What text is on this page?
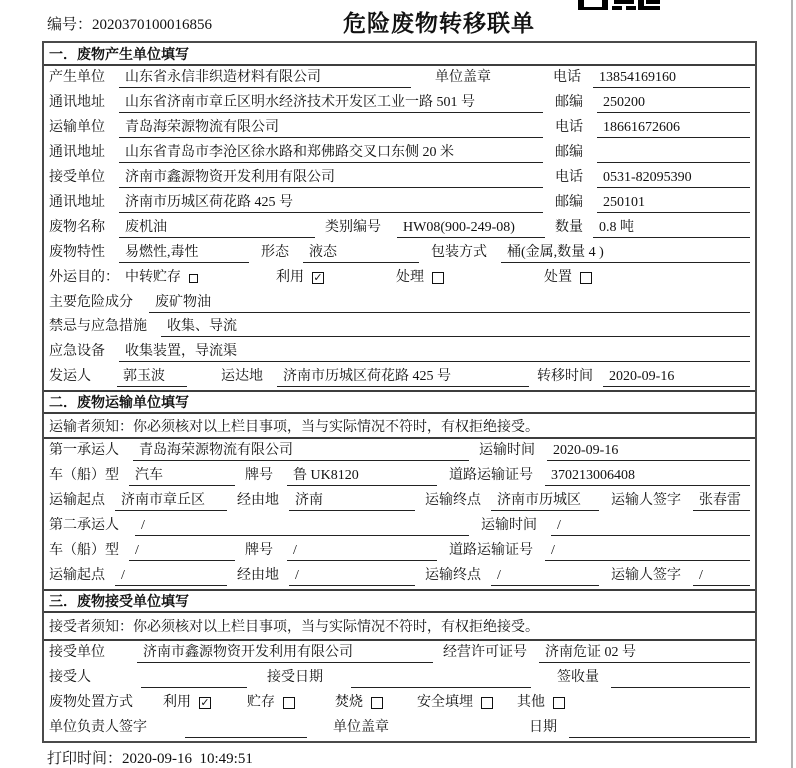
编号：2020370100016856	危险废物转移联单
一．废物产生单位填写
产生单位	山东省永信非织造材料有限公司	单位盖章	电话	13854169160
通讯地址	山东省济南市章丘区明水经济技术开发区工业一路 501 号	邮编	250200
运输单位	青岛海荣源物流有限公司	电话	18661672606
通讯地址	山东省青岛市李沧区徐水路和郑佛路交叉口东侧 20 米	邮编
接受单位	济南市鑫源物资开发利用有限公司	电话	0531-82095390
通讯地址	济南市历城区荷花路 425 号	邮编	250101
废物名称	废机油	类别编号	HW08(900-249-08)	数量	0.8 吨
废物特性	易燃性,毒性	形态	液态	包装方式	桶(金属,数量 4 )
外运目的： 中转贮存	利用 ✓	处理	处置
主要危险成分	废矿物油
禁忌与应急措施	收集、导流
应急设备	收集装置，导流渠
发运人	郭玉波	运达地	济南市历城区荷花路 425 号	转移时间	2020-09-16
二．废物运输单位填写
运输者须知：你必须核对以上栏目事项，当与实际情况不符时，有权拒绝接受。
第一承运人	青岛海荣源物流有限公司	运输时间	2020-09-16
车（船）型	汽车	牌号	鲁 UK8120	道路运输证号	370213006408
运输起点	济南市章丘区	经由地	济南	运输终点	济南市历城区	运输人签字	张春雷
第二承运人	/	运输时间	/
车（船）型	/	牌号	/	道路运输证号	/
运输起点	/	经由地	/	运输终点	/	运输人签字	/
三．废物接受单位填写
接受者须知：你必须核对以上栏目事项，当与实际情况不符时，有权拒绝接受。
接受单位	济南市鑫源物资开发利用有限公司	经营许可证号	济南危证 02 号
接受人	接受日期	签收量
废物处置方式 利用 ✓	贮存	焚烧	安全填埋	其他
单位负责人签字	单位盖章	日期
打印时间：2020-09-16  10:49:51
